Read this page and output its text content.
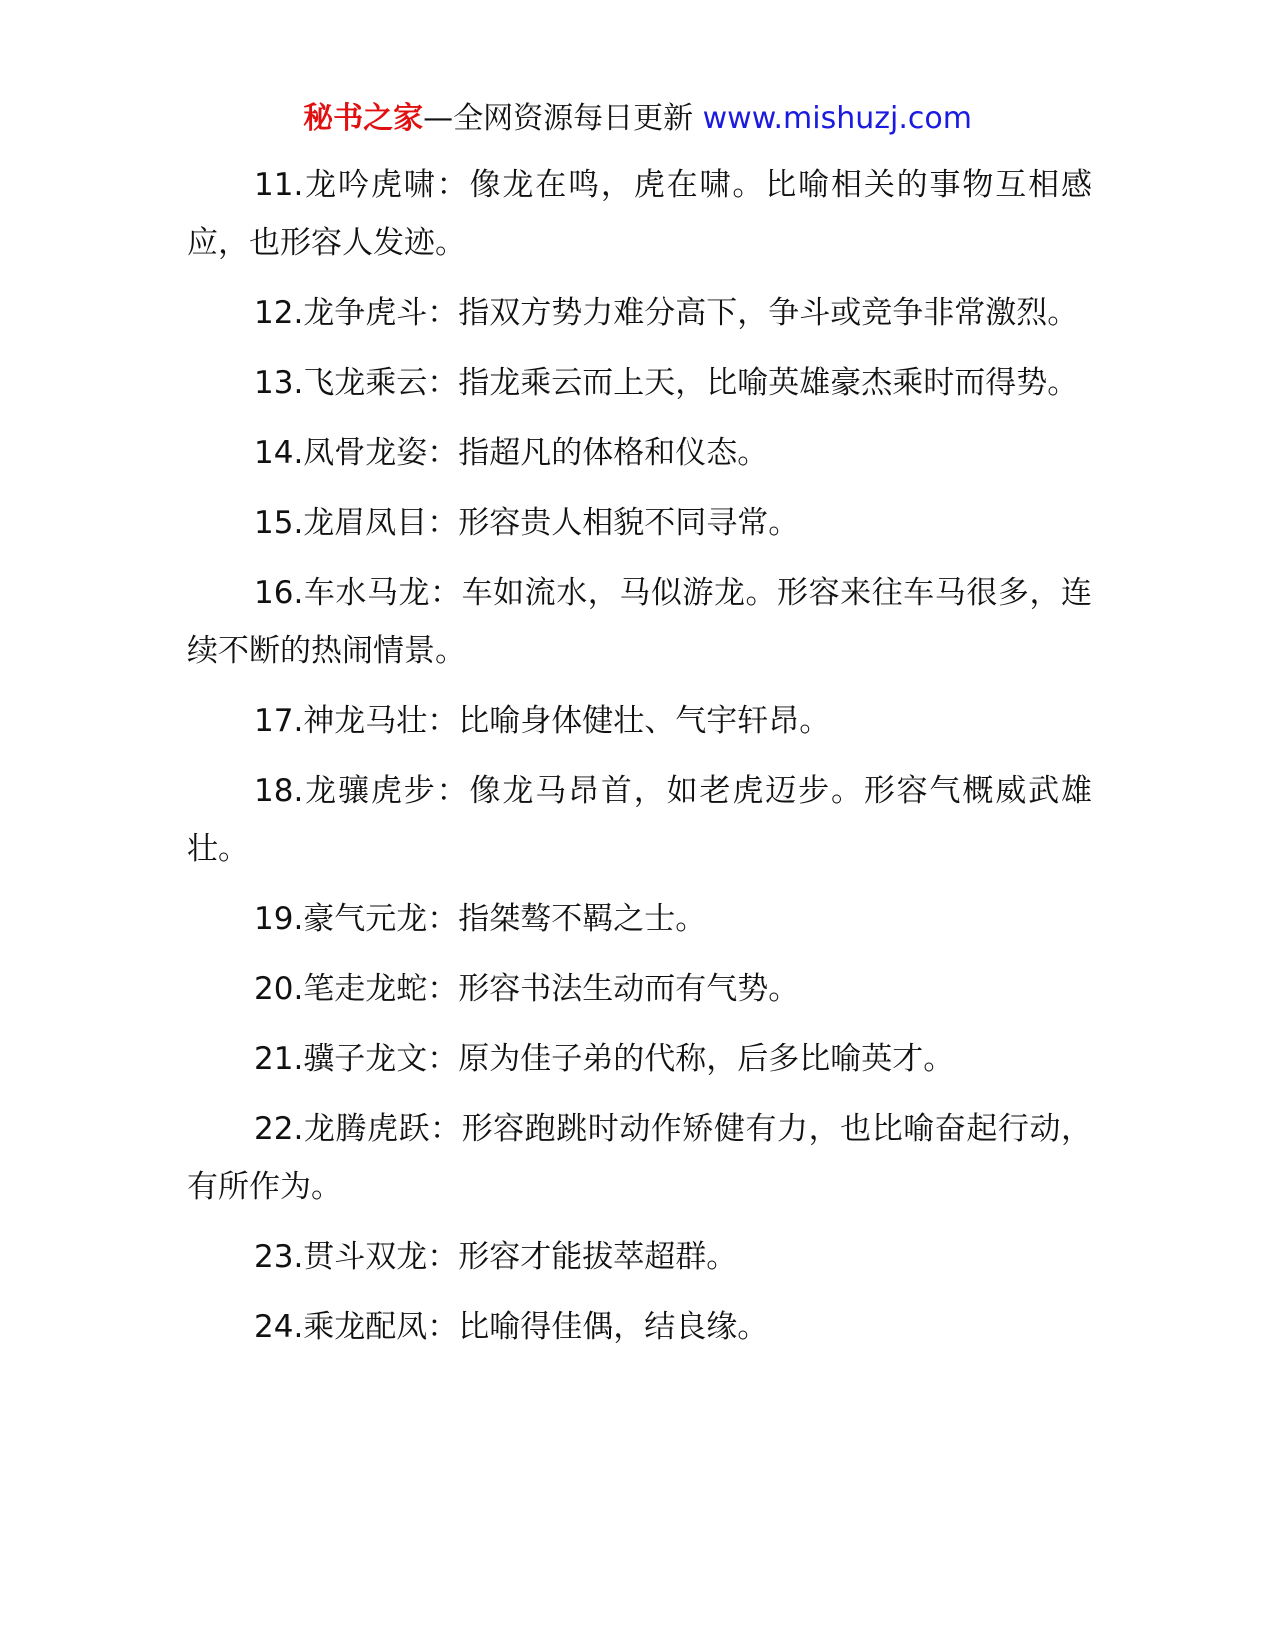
秘书之家—全网资源每日更新 www.mishuzj.com

11.龙吟虎啸：像龙在鸣，虎在啸。比喻相关的事物互相感应，也形容人发迹。

12.龙争虎斗：指双方势力难分高下，争斗或竞争非常激烈。

13.飞龙乘云：指龙乘云而上天，比喻英雄豪杰乘时而得势。

14.凤骨龙姿：指超凡的体格和仪态。

15.龙眉凤目：形容贵人相貌不同寻常。

16.车水马龙：车如流水，马似游龙。形容来往车马很多，连续不断的热闹情景。

17.神龙马壮：比喻身体健壮、气宇轩昂。

18.龙骧虎步：像龙马昂首，如老虎迈步。形容气概威武雄壮。

19.豪气元龙：指桀骜不羁之士。

20.笔走龙蛇：形容书法生动而有气势。

21.骥子龙文：原为佳子弟的代称，后多比喻英才。

22.龙腾虎跃：形容跑跳时动作矫健有力，也比喻奋起行动，有所作为。

23.贯斗双龙：形容才能拔萃超群。

24.乘龙配凤：比喻得佳偶，结良缘。
